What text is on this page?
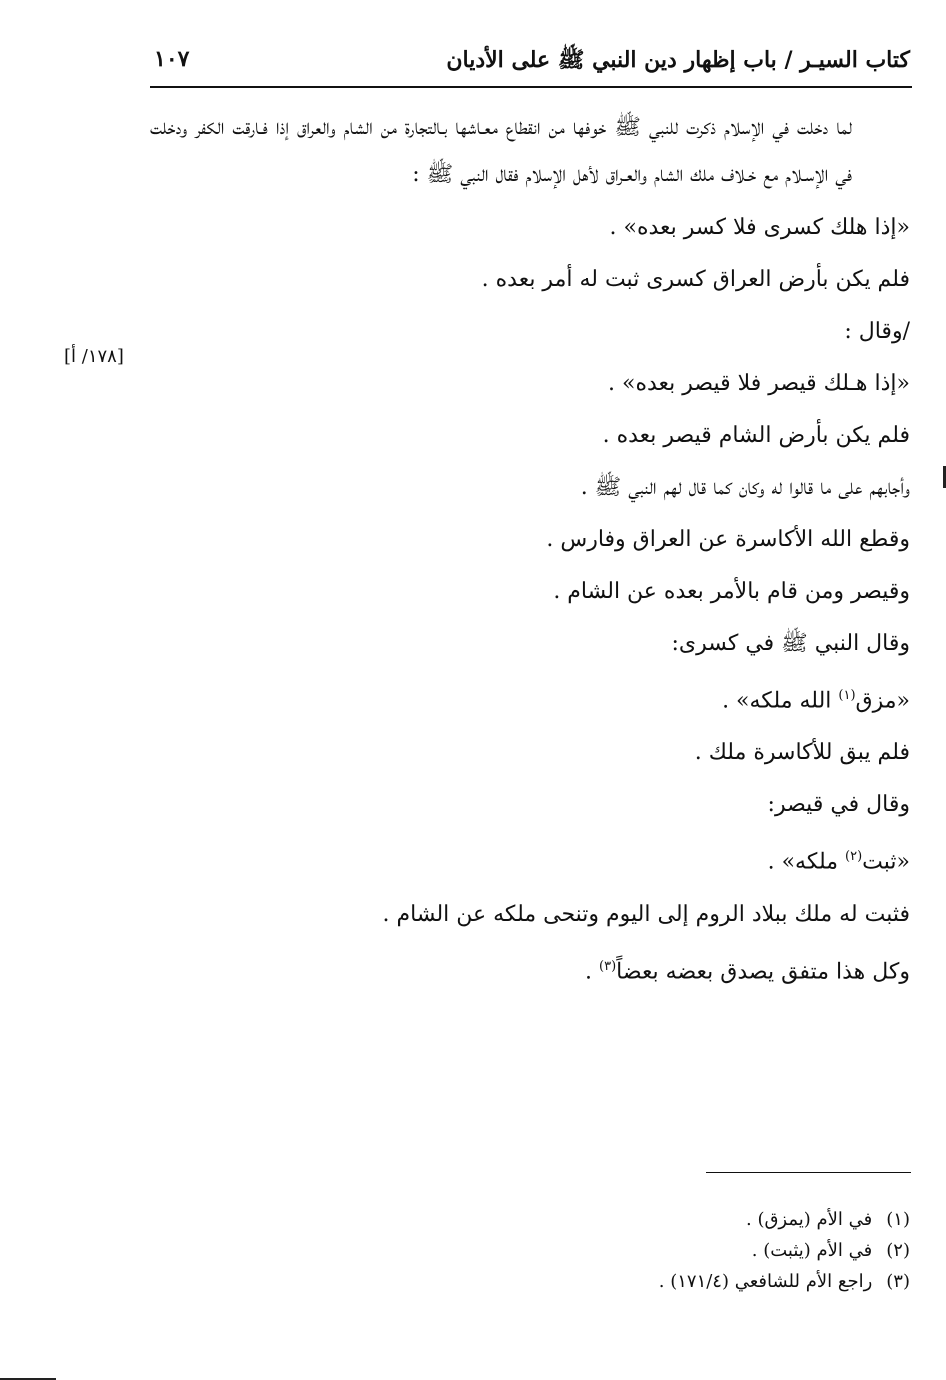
كتاب السيـر / باب إظهار دين النبي ﷺ على الأديان
١٠٧
[١٧٨/ أ]
لما دخلت في الإسلام ذكرت للنبي ﷺ خوفها من انقطاع معـاشها بـالتجارة من الشام والعراق إذا فـارقت الكفر ودخلت في الإسـلام مع خـلاف ملك الشام والعـراق لأهل الإسلام فقال النبي ﷺ :
«إذا هلك كسرى فلا كسر بعده» .
فلم يكن بأرض العراق كسرى ثبت له أمر بعده .
/وقال :
«إذا هـلك قيصر فلا قيصر بعده» .
فلم يكن بأرض الشام قيصر بعده .
وأجابهم على ما قالوا له وكان كما قال لهم النبي ﷺ .
وقطع الله الأكاسرة عن العراق وفارس .
وقيصر ومن قام بالأمر بعده عن الشام .
وقال النبي ﷺ في كسرى:
«مزق$^{(١)}$ الله ملكه» .
فلم يبق للأكاسرة ملك .
وقال في قيصر:
«ثبت$^{(٢)}$ ملكه» .
فثبت له ملك ببلاد الروم إلى اليوم وتنحى ملكه عن الشام .
وكل هذا متفق يصدق بعضه بعضاً$^{(٣)}$ .
(١) في الأم (يمزق) .
(٢) في الأم (يثبت) .
(٣) راجع الأم للشافعي (١٧١/٤) .
